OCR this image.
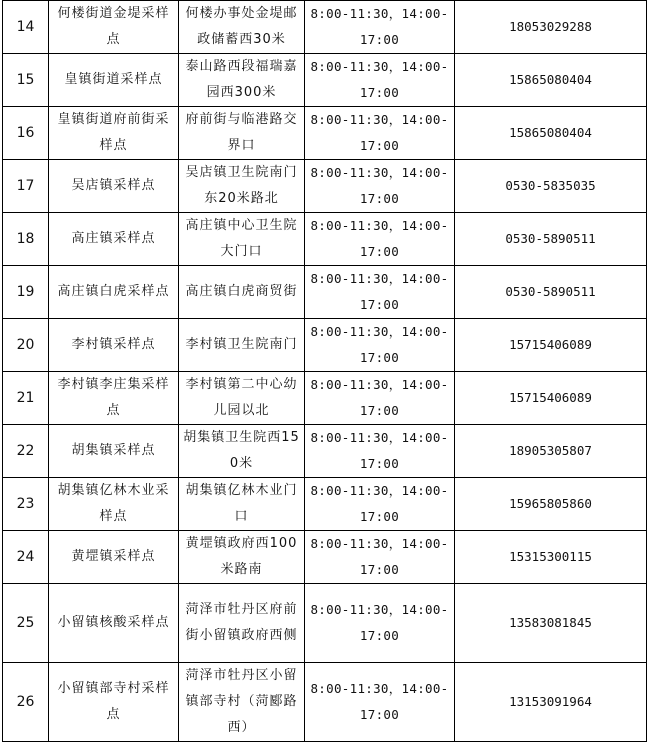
14	何楼街道金堤采样点	何楼办事处金堤邮政储蓄西30米	8:00-11:30，14:00-17:00	18053029288
15	皇镇街道采样点	泰山路西段福瑞嘉园西300米	8:00-11:30，14:00-17:00	15865080404
16	皇镇街道府前街采样点	府前街与临港路交界口	8:00-11:30，14:00-17:00	15865080404
17	吴店镇采样点	吴店镇卫生院南门东20米路北	8:00-11:30，14:00-17:00	0530-5835035
18	高庄镇采样点	高庄镇中心卫生院大门口	8:00-11:30，14:00-17:00	0530-5890511
19	高庄镇白虎采样点	高庄镇白虎商贸街	8:00-11:30，14:00-17:00	0530-5890511
20	李村镇采样点	李村镇卫生院南门	8:00-11:30，14:00-17:00	15715406089
21	李村镇李庄集采样点	李村镇第二中心幼儿园以北	8:00-11:30，14:00-17:00	15715406089
22	胡集镇采样点	胡集镇卫生院西150米	8:00-11:30，14:00-17:00	18905305807
23	胡集镇亿林木业采样点	胡集镇亿林木业门口	8:00-11:30，14:00-17:00	15965805860
24	黄堽镇采样点	黄堽镇政府西100米路南	8:00-11:30，14:00-17:00	15315300115
25	小留镇核酸采样点	菏泽市牡丹区府前街小留镇政府西侧	8:00-11:30，14:00-17:00	13583081845
26	小留镇部寺村采样点	菏泽市牡丹区小留镇部寺村（菏郾路西）	8:00-11:30，14:00-17:00	13153091964
